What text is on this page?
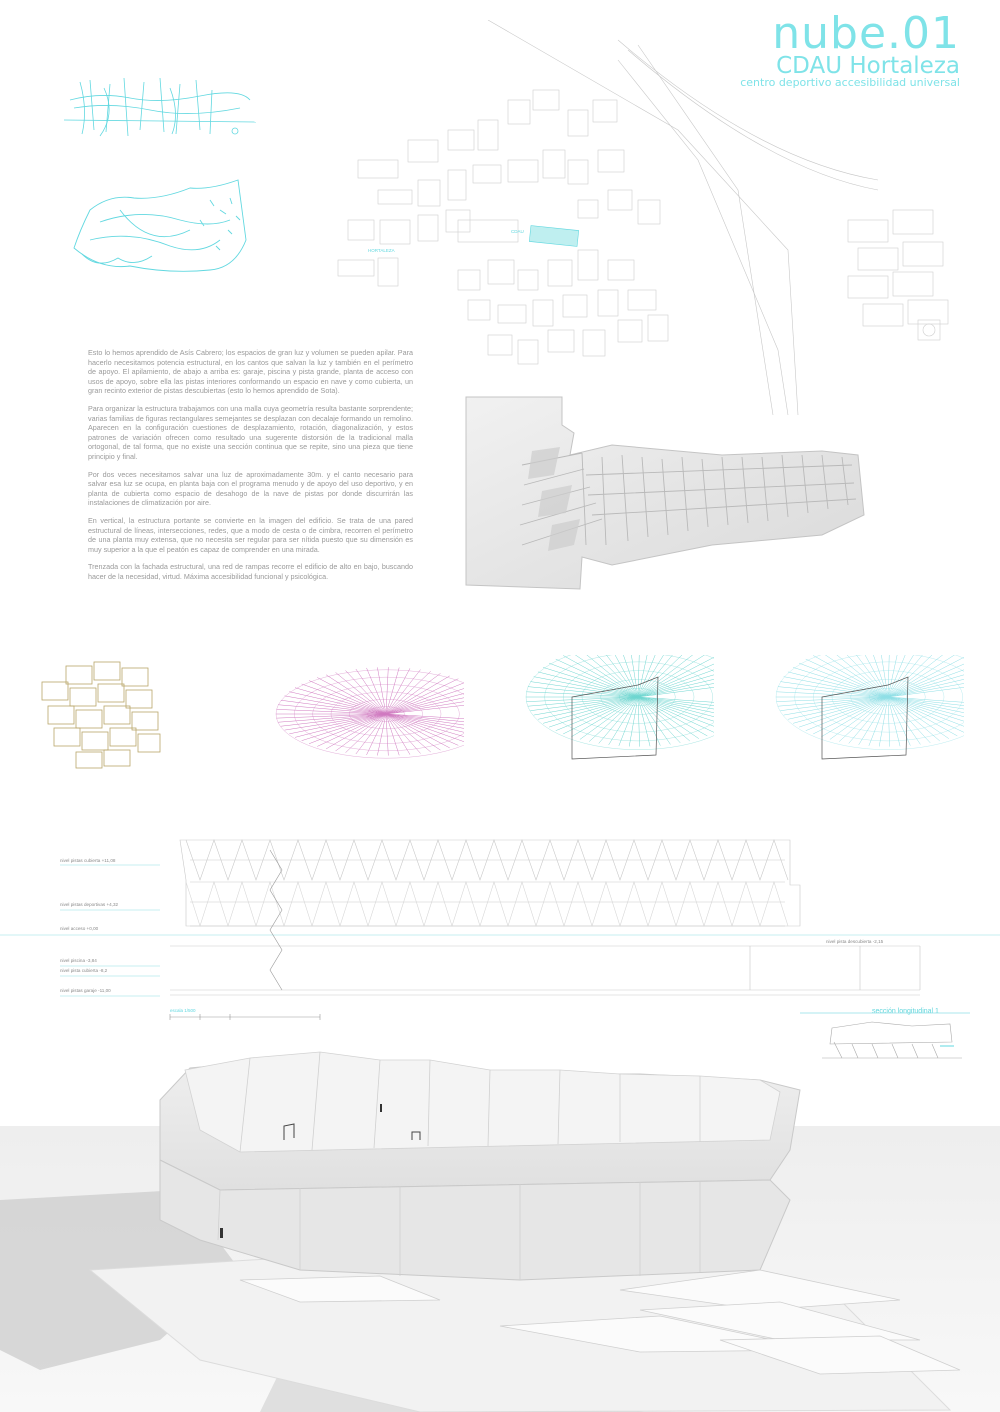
nube.01
CDAU Hortaleza
centro deportivo accesibilidad universal
HORTALEZA
CDAU

Esto lo hemos aprendido de Asís Cabrero; los espacios de gran luz y volumen se pueden apilar. Para hacerlo necesitamos potencia estructural, en los cantos que salvan la luz y también en el perímetro de apoyo. El apilamiento, de abajo a arriba es: garaje, piscina y pista grande, planta de acceso con usos de apoyo, sobre ella las pistas interiores conformando un espacio en nave y como cubierta, un gran recinto exterior de pistas descubiertas (esto lo hemos aprendido de Sota).

Para organizar la estructura trabajamos con una malla cuya geometría resulta bastante sorprendente; varias familias de figuras rectangulares semejantes se desplazan con decalaje formando un remolino. Aparecen en la configuración cuestiones de desplazamiento, rotación, diagonalización, y estos patrones de variación ofrecen como resultado una sugerente distorsión de la tradicional malla ortogonal, de tal forma, que no existe una sección continua que se repite, sino una pieza que tiene principio y final.

Por dos veces necesitamos salvar una luz de aproximadamente 30m. y el canto necesario para salvar esa luz se ocupa, en planta baja con el programa menudo y de apoyo del uso deportivo, y en planta de cubierta como espacio de desahogo de la nave de pistas por donde discurrirán las instalaciones de climatización por aire.

En vertical, la estructura portante se convierte en la imagen del edificio. Se trata de una pared estructural de líneas, intersecciones, redes, que a modo de cesta o de cimbra, recorren el perímetro de una planta muy extensa, que no necesita ser regular para ser nítida puesto que su dimensión es muy superior a la que el peatón es capaz de comprender en una mirada.

Trenzada con la fachada estructural, una red de rampas recorre el edificio de alto en bajo, buscando hacer de la necesidad, virtud. Máxima accesibilidad funcional y psicológica.

nivel pistas cubierta +11,08
nivel pistas deportivas +4,32
nivel acceso +0,00
nivel piscina -3,84
nivel pista cubierta -8,2
nivel pistas garaje -11,00
escala 1/500
nivel pista descubierta -2,15
sección longitudinal 1
